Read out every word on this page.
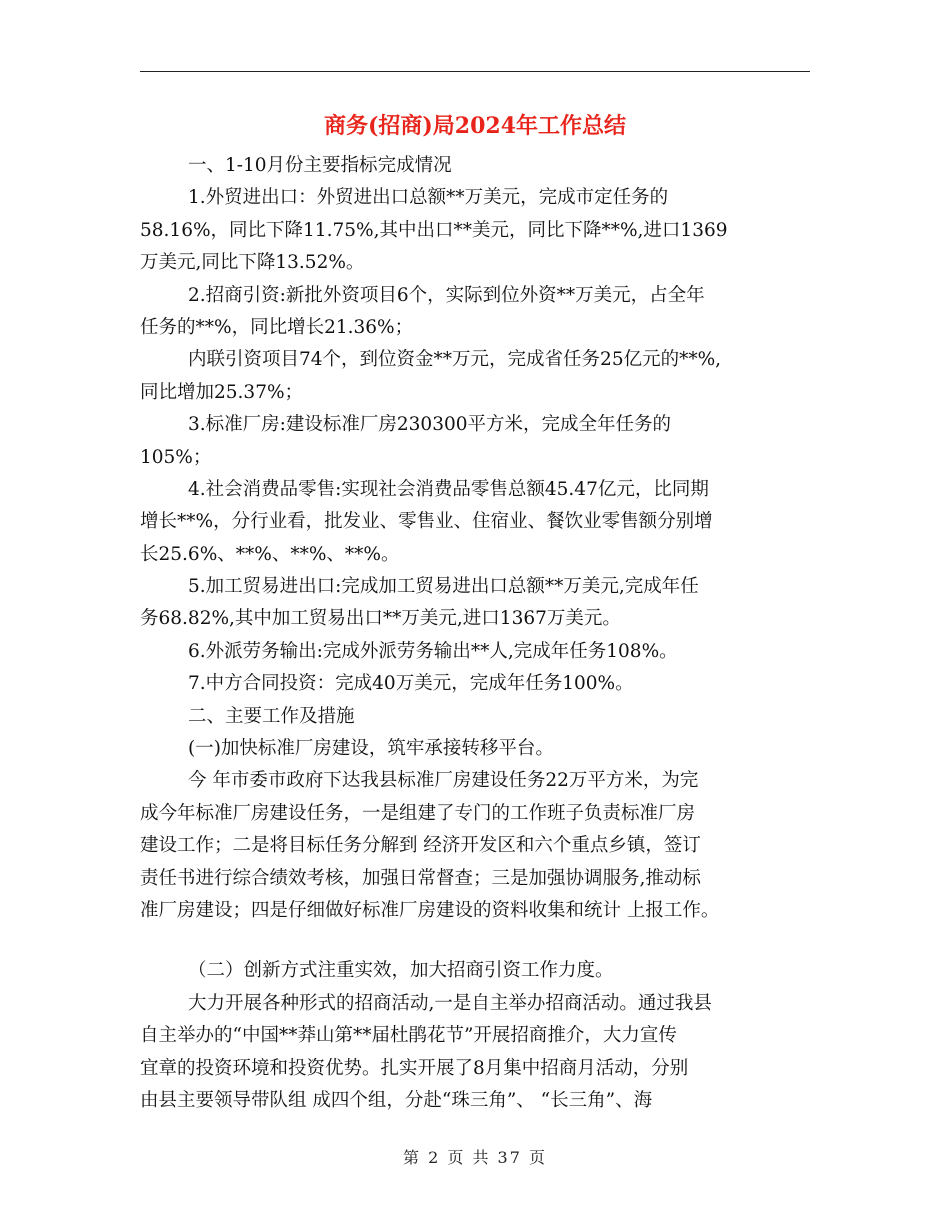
商务(招商)局2024年工作总结
一、1-10月份主要指标完成情况
1.外贸进出口：外贸进出口总额**万美元，完成市定任务的
58.16%，同比下降11.75%,其中出口**美元，同比下降**%,进口1369
万美元,同比下降13.52%。
2.招商引资:新批外资项目6个，实际到位外资**万美元，占全年
任务的**%，同比增长21.36%；
内联引资项目74个，到位资金**万元，完成省任务25亿元的**%,
同比增加25.37%；
3.标准厂房:建设标准厂房230300平方米，完成全年任务的
105%；
4.社会消费品零售:实现社会消费品零售总额45.47亿元，比同期
增长**%，分行业看，批发业、零售业、住宿业、餐饮业零售额分别增
长25.6%、**%、**%、**%。
5.加工贸易进出口:完成加工贸易进出口总额**万美元,完成年任
务68.82%,其中加工贸易出口**万美元,进口1367万美元。
6.外派劳务输出:完成外派劳务输出**人,完成年任务108%。
7.中方合同投资：完成40万美元，完成年任务100%。
二、主要工作及措施
(一)加快标准厂房建设，筑牢承接转移平台。
今 年市委市政府下达我县标准厂房建设任务22万平方米，为完
成今年标准厂房建设任务，一是组建了专门的工作班子负责标准厂房
建设工作；二是将目标任务分解到 经济开发区和六个重点乡镇，签订
责任书进行综合绩效考核，加强日常督查；三是加强协调服务,推动标
准厂房建设；四是仔细做好标准厂房建设的资料收集和统计 上报工作。
（二）创新方式注重实效，加大招商引资工作力度。
大力开展各种形式的招商活动,一是自主举办招商活动。通过我县
自主举办的“中国**莽山第**届杜鹃花节”开展招商推介，大力宣传
宜章的投资环境和投资优势。扎实开展了8月集中招商月活动，分别
由县主要领导带队组 成四个组，分赴“珠三角”、 “长三角”、海
第 2 页 共 37 页
